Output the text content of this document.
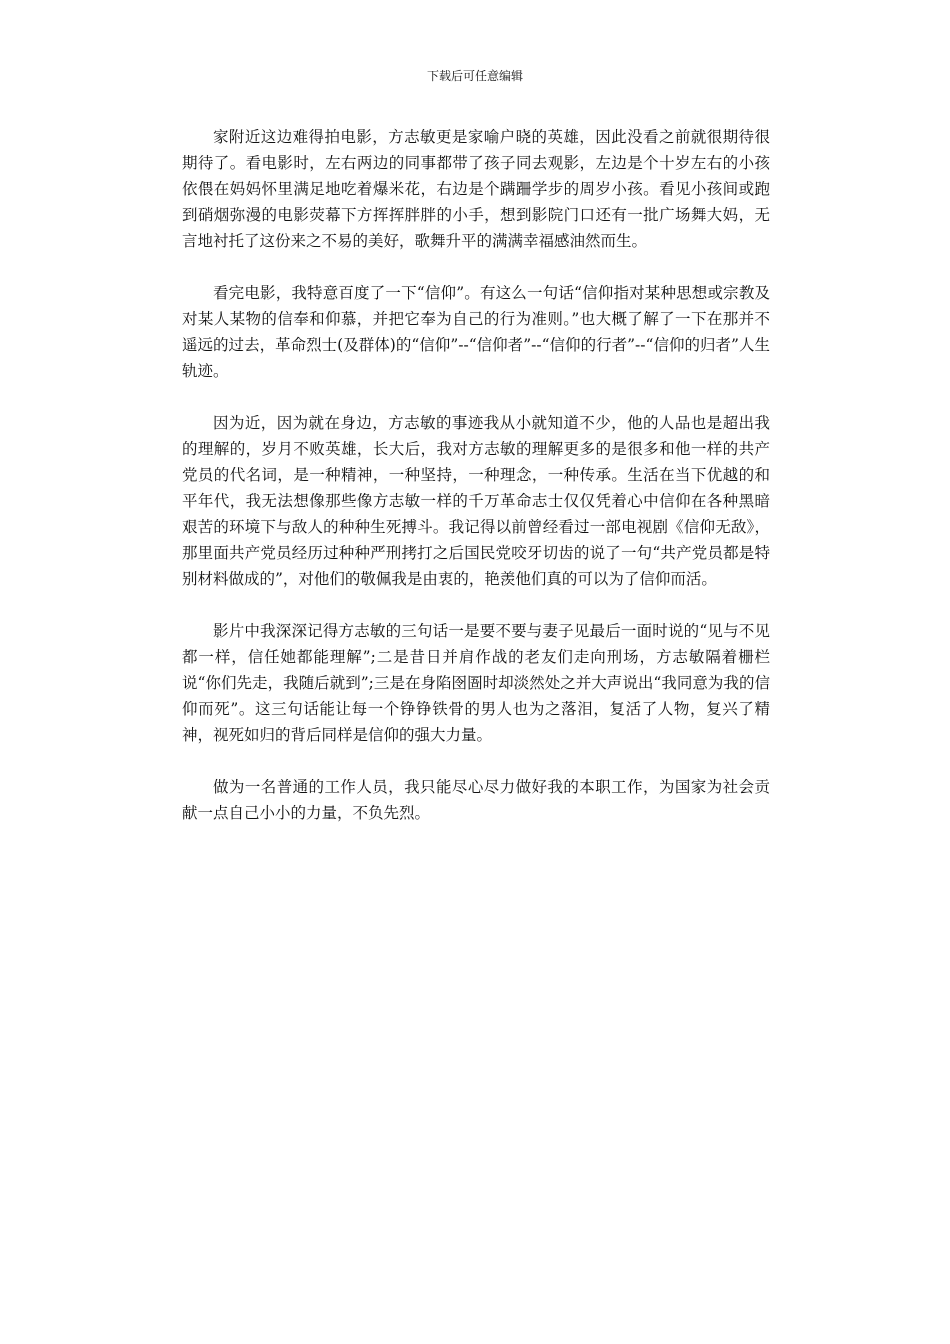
下载后可任意编辑

家附近这边难得拍电影，方志敏更是家喻户晓的英雄，因此没看之前就很期待很期待了。看电影时，左右两边的同事都带了孩子同去观影，左边是个十岁左右的小孩依偎在妈妈怀里满足地吃着爆米花，右边是个蹒跚学步的周岁小孩。看见小孩间或跑到硝烟弥漫的电影荧幕下方挥挥胖胖的小手，想到影院门口还有一批广场舞大妈，无言地衬托了这份来之不易的美好，歌舞升平的满满幸福感油然而生。

看完电影，我特意百度了一下“信仰”。有这么一句话“信仰指对某种思想或宗教及对某人某物的信奉和仰慕，并把它奉为自己的行为准则。”也大概了解了一下在那并不遥远的过去，革命烈士(及群体)的“信仰”--“信仰者”--“信仰的行者”--“信仰的归者”人生轨迹。

因为近，因为就在身边，方志敏的事迹我从小就知道不少，他的人品也是超出我的理解的，岁月不败英雄，长大后，我对方志敏的理解更多的是很多和他一样的共产党员的代名词，是一种精神，一种坚持，一种理念，一种传承。生活在当下优越的和平年代，我无法想像那些像方志敏一样的千万革命志士仅仅凭着心中信仰在各种黑暗艰苦的环境下与敌人的种种生死搏斗。我记得以前曾经看过一部电视剧《信仰无敌》，那里面共产党员经历过种种严刑拷打之后国民党咬牙切齿的说了一句“共产党员都是特别材料做成的”，对他们的敬佩我是由衷的，艳羡他们真的可以为了信仰而活。

影片中我深深记得方志敏的三句话一是要不要与妻子见最后一面时说的“见与不见都一样，信任她都能理解”;二是昔日并肩作战的老友们走向刑场，方志敏隔着栅栏说“你们先走，我随后就到”;三是在身陷囹圄时却淡然处之并大声说出“我同意为我的信仰而死”。这三句话能让每一个铮铮铁骨的男人也为之落泪，复活了人物，复兴了精神，视死如归的背后同样是信仰的强大力量。

做为一名普通的工作人员，我只能尽心尽力做好我的本职工作，为国家为社会贡献一点自己小小的力量，不负先烈。
